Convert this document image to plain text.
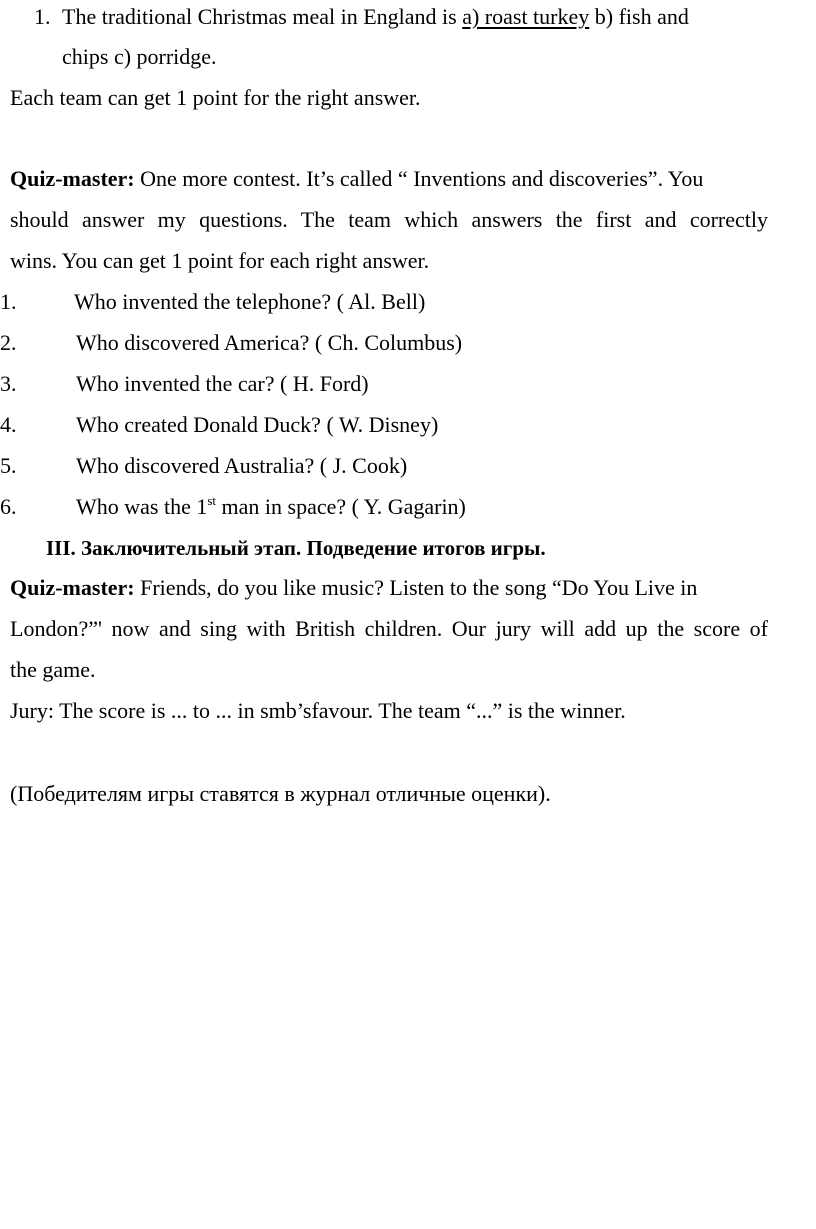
1. The traditional Christmas meal in England is a) roast turkey b) fish and
chips c) porridge.
Each team can get 1 point for the right answer.
Quiz-master: One more contest. It’s called “ Inventions and discoveries”. You
should answer my questions. The team which answers the first and correctly
wins. You can get 1 point for each right answer.
1.	Who invented the telephone? ( Al. Bell)
2.	Who discovered America? ( Ch. Columbus)
3.	Who invented the car? ( H. Ford)
4.	Who created Donald Duck? ( W. Disney)
5.	Who discovered Australia? ( J. Cook)
6.	Who was the 1st man in space? ( Y. Gagarin)
III. Заключительный этап. Подведение итогов игры.
Quiz-master: Friends, do you like music? Listen to the song “Do You Live in
London?”' now and sing with British children. Our jury will add up the score of
the game.
Jury: The score is ... to ... in smb’sfavour. The team “...” is the winner.
(Победителям игры ставятся в журнал отличные оценки).
